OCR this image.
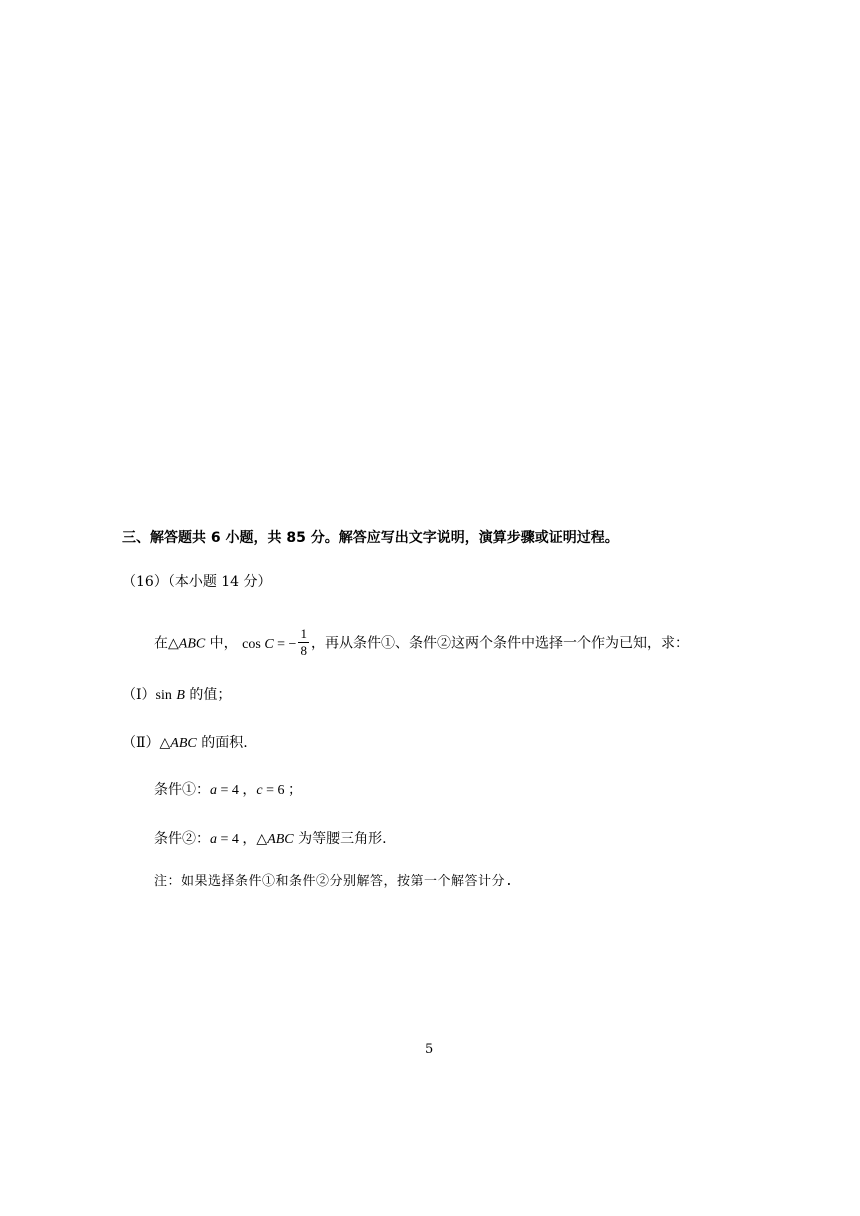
三、解答题共 6 小题，共 85 分。解答应写出文字说明，演算步骤或证明过程。
（16）（本小题 14 分）
在△ABC 中， cos C = − $\frac{1}{8}$ ，再从条件①、条件②这两个条件中选择一个作为已知，求：
（Ⅰ）sin B 的值；
（Ⅱ）△ABC 的面积.
条件①：a = 4 ，c = 6 ；
条件②：a = 4 ，△ABC 为等腰三角形.
注：如果选择条件①和条件②分别解答，按第一个解答计分.
5
